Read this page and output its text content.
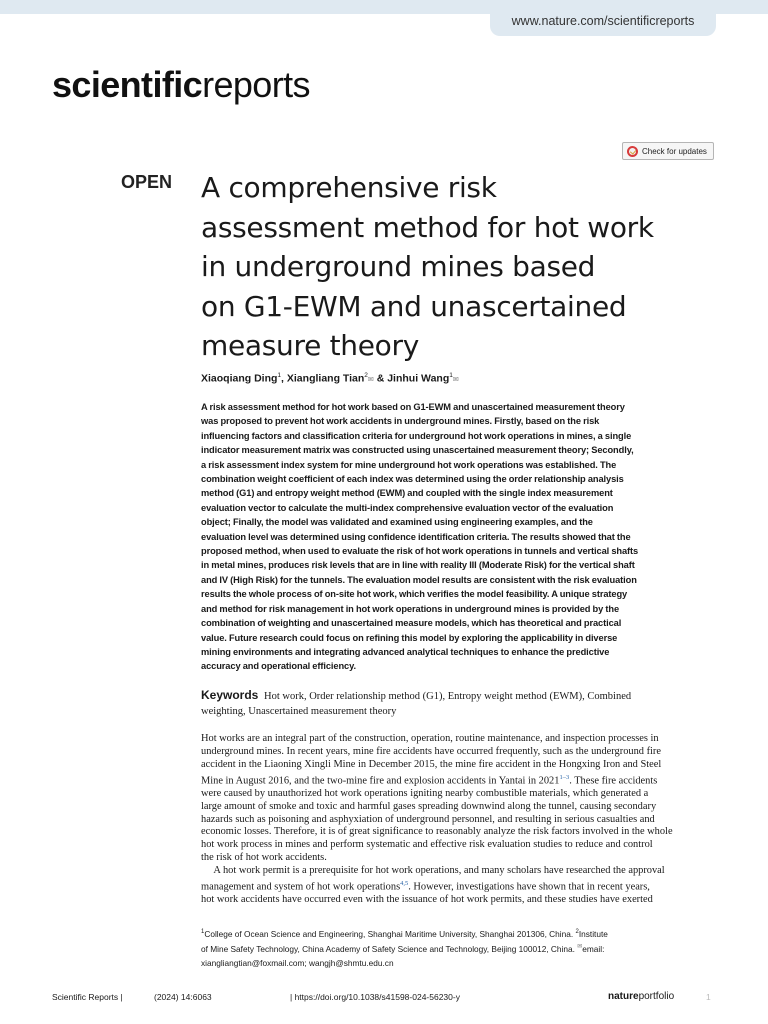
www.nature.com/scientificreports
scientificreports
Check for updates
OPEN A comprehensive risk
assessment method for hot work
in underground mines based
on G1-EWM and unascertained
measure theory
Xiaoqiang Ding$^1$, Xiangliang Tian$^2$✉ & Jinhui Wang$^1$✉
A risk assessment method for hot work based on G1-EWM and unascertained measurement theory
was proposed to prevent hot work accidents in underground mines. Firstly, based on the risk
influencing factors and classification criteria for underground hot work operations in mines, a single
indicator measurement matrix was constructed using unascertained measurement theory; Secondly,
a risk assessment index system for mine underground hot work operations was established. The
combination weight coefficient of each index was determined using the order relationship analysis
method (G1) and entropy weight method (EWM) and coupled with the single index measurement
evaluation vector to calculate the multi-index comprehensive evaluation vector of the evaluation
object; Finally, the model was validated and examined using engineering examples, and the
evaluation level was determined using confidence identification criteria. The results showed that the
proposed method, when used to evaluate the risk of hot work operations in tunnels and vertical shafts
in metal mines, produces risk levels that are in line with reality III (Moderate Risk) for the vertical shaft
and IV (High Risk) for the tunnels. The evaluation model results are consistent with the risk evaluation
results the whole process of on-site hot work, which verifies the model feasibility. A unique strategy
and method for risk management in hot work operations in underground mines is provided by the
combination of weighting and unascertained measure models, which has theoretical and practical
value. Future research could focus on refining this model by exploring the applicability in diverse
mining environments and integrating advanced analytical techniques to enhance the predictive
accuracy and operational efficiency.
Keywords Hot work, Order relationship method (G1), Entropy weight method (EWM), Combined
weighting, Unascertained measurement theory
Hot works are an integral part of the construction, operation, routine maintenance, and inspection processes in
underground mines. In recent years, mine fire accidents have occurred frequently, such as the underground fire
accident in the Liaoning Xingli Mine in December 2015, the mine fire accident in the Hongxing Iron and Steel
Mine in August 2016, and the two-mine fire and explosion accidents in Yantai in 2021$^{1-3}$. These fire accidents
were caused by unauthorized hot work operations igniting nearby combustible materials, which generated a
large amount of smoke and toxic and harmful gases spreading downwind along the tunnel, causing secondary
hazards such as poisoning and asphyxiation of underground personnel, and resulting in serious casualties and
economic losses. Therefore, it is of great significance to reasonably analyze the risk factors involved in the whole
hot work process in mines and perform systematic and effective risk evaluation studies to reduce and control
the risk of hot work accidents.
A hot work permit is a prerequisite for hot work operations, and many scholars have researched the approval
management and system of hot work operations$^{4,5}$. However, investigations have shown that in recent years,
hot work accidents have occurred even with the issuance of hot work permits, and these studies have exerted
$^1$College of Ocean Science and Engineering, Shanghai Maritime University, Shanghai 201306, China. $^2$Institute
of Mine Safety Technology, China Academy of Safety Science and Technology, Beijing 100012, China. ✉email:
xiangliangtian@foxmail.com; wangjh@shmtu.edu.cn
Scientific Reports |	(2024) 14:6063	| https://doi.org/10.1038/s41598-024-56230-y	natureportfolio	1
